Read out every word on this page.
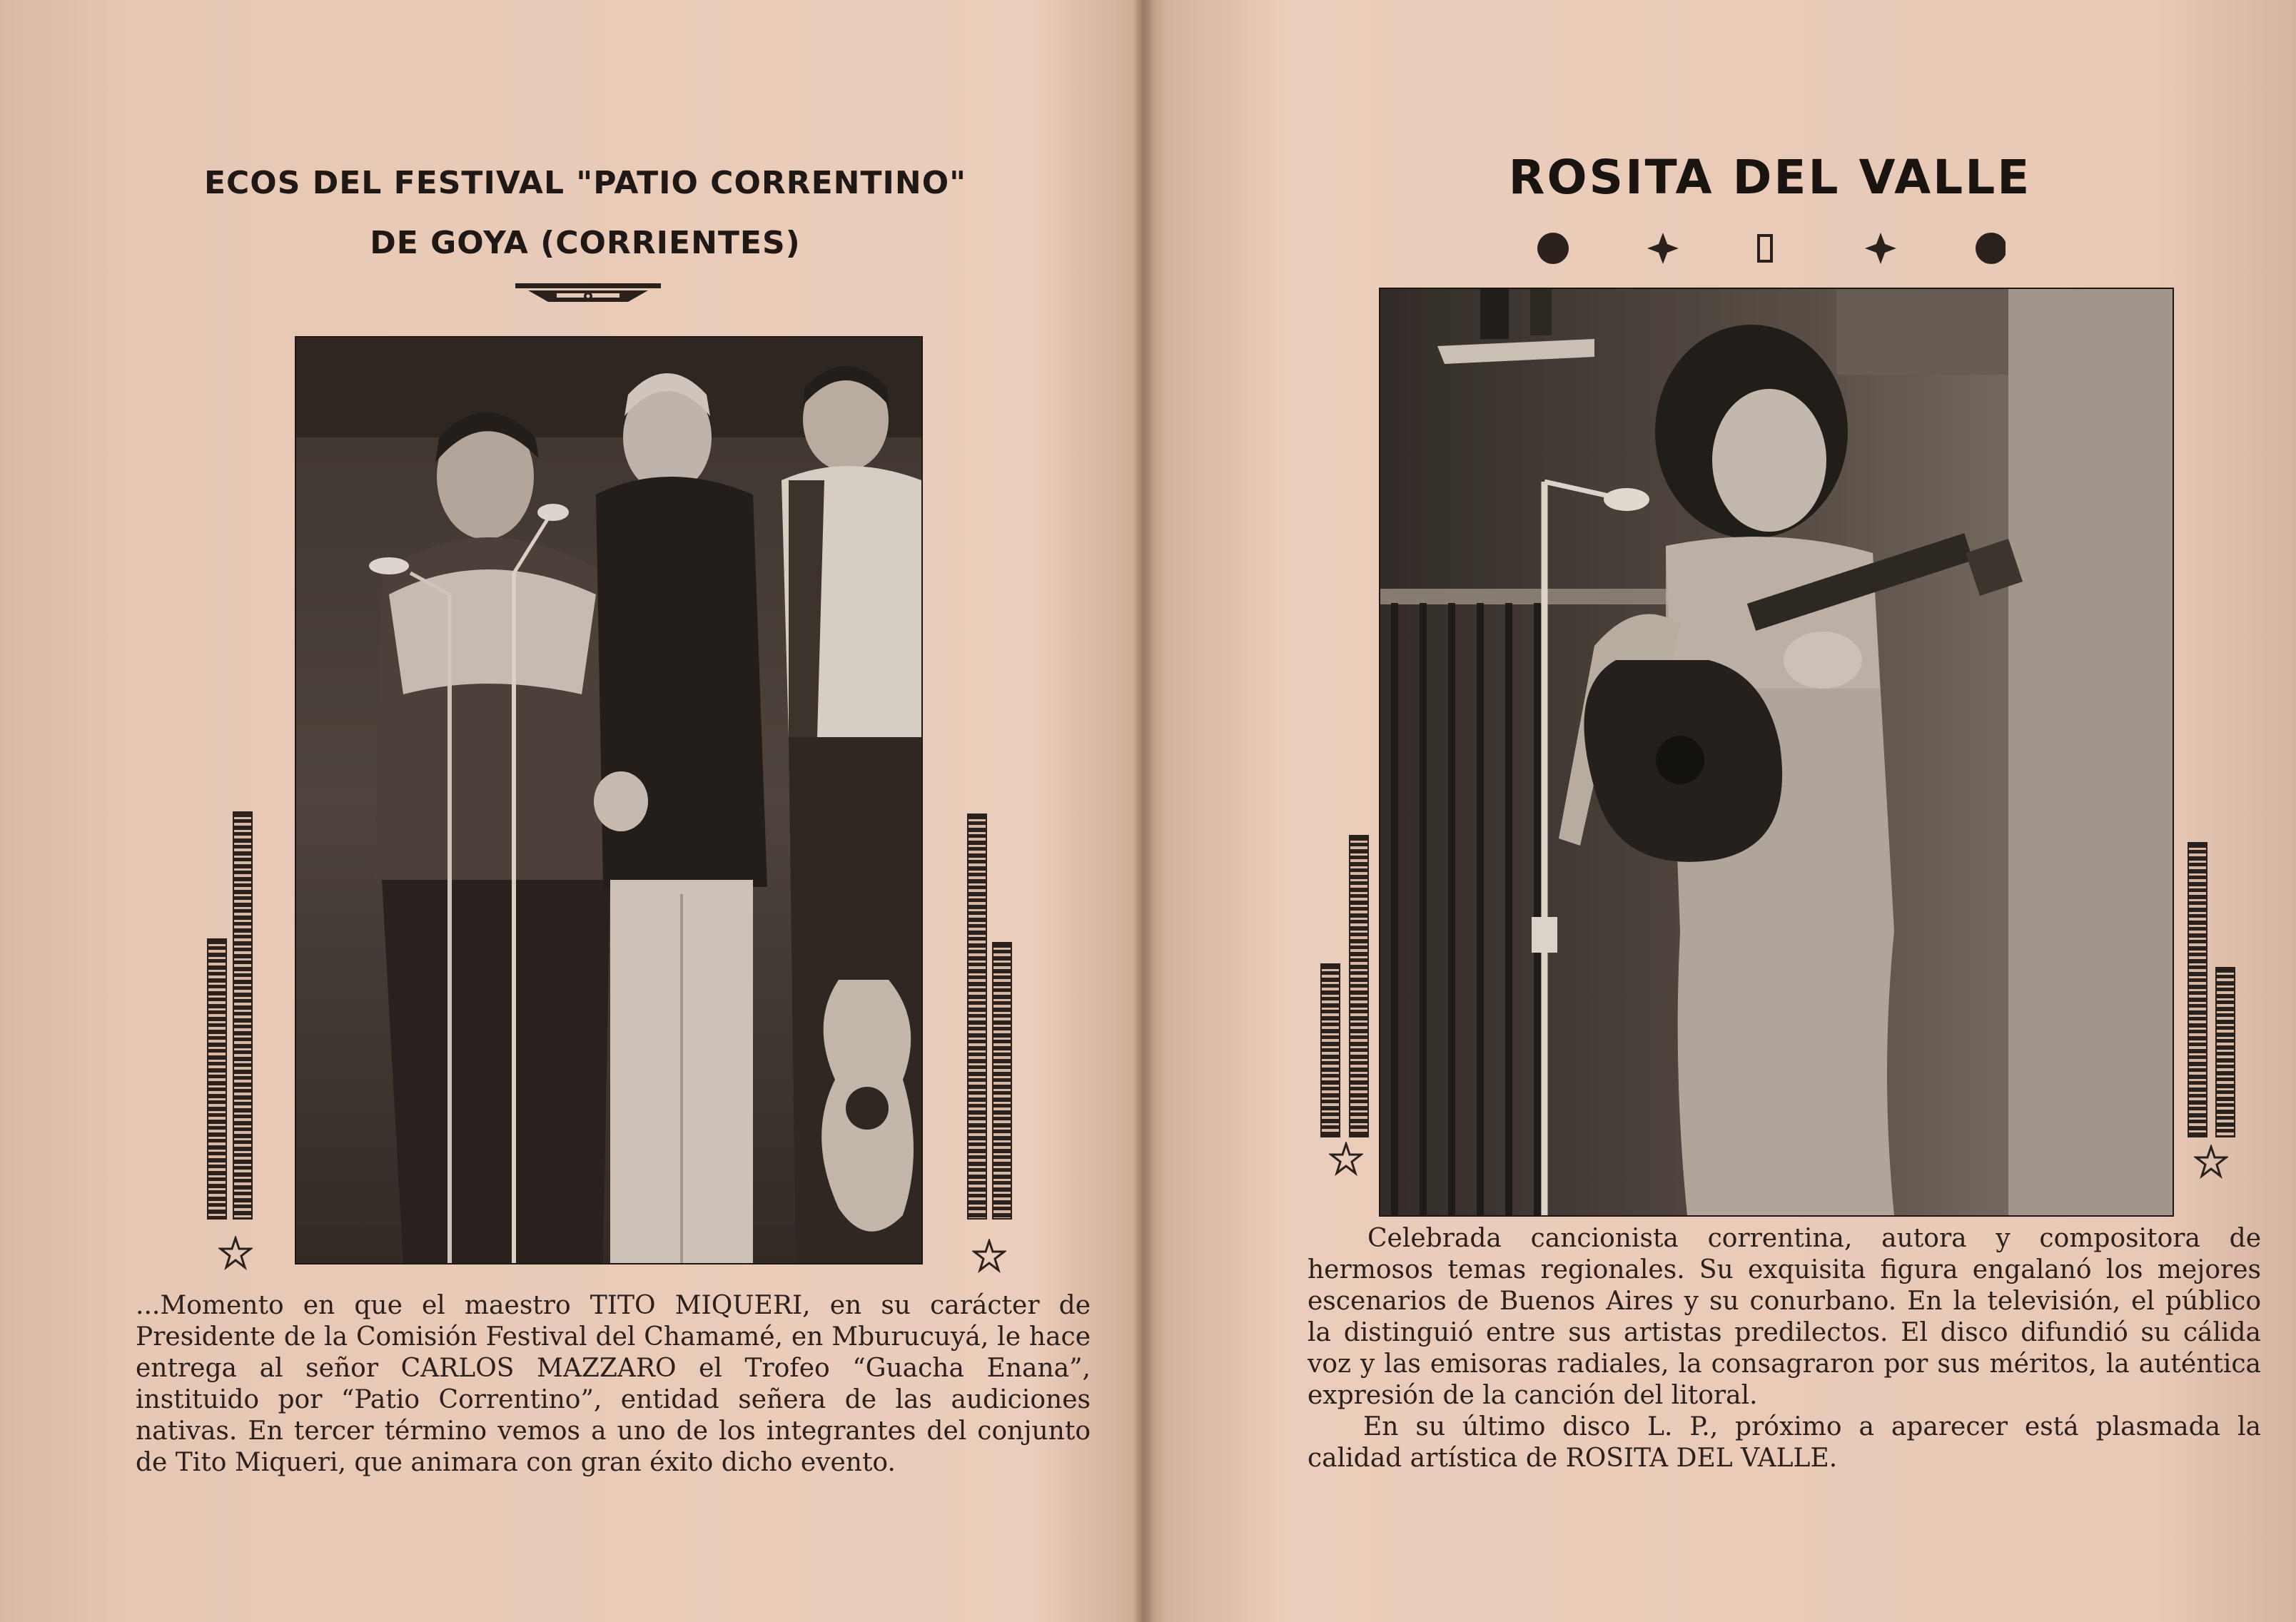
ECOS DEL FESTIVAL "PATIO CORRENTINO"
DE GOYA (CORRIENTES)

...Momento en que el maestro TITO MIQUERI, en su carácter de Presidente de la Comisión Festival del Chamamé, en Mburucuyá, le hace entrega al señor CARLOS MAZZARO el Trofeo “Guacha Enana”, instituido por “Patio Correntino”, entidad señera de las audiciones nativas. En tercer término vemos a uno de los integrantes del conjunto de Tito Miqueri, que animara con gran éxito dicho evento.

ROSITA DEL VALLE

Celebrada cancionista correntina, autora y compositora de hermosos temas regionales. Su exquisita figura engalanó los mejores escenarios de Buenos Aires y su conurbano. En la televisión, el público la distinguió entre sus artistas predilectos. El disco difundió su cálida voz y las emisoras radiales, la consagraron por sus méritos, la auténtica expresión de la canción del litoral.

En su último disco L. P., próximo a aparecer está plasmada la calidad artística de ROSITA DEL VALLE.
